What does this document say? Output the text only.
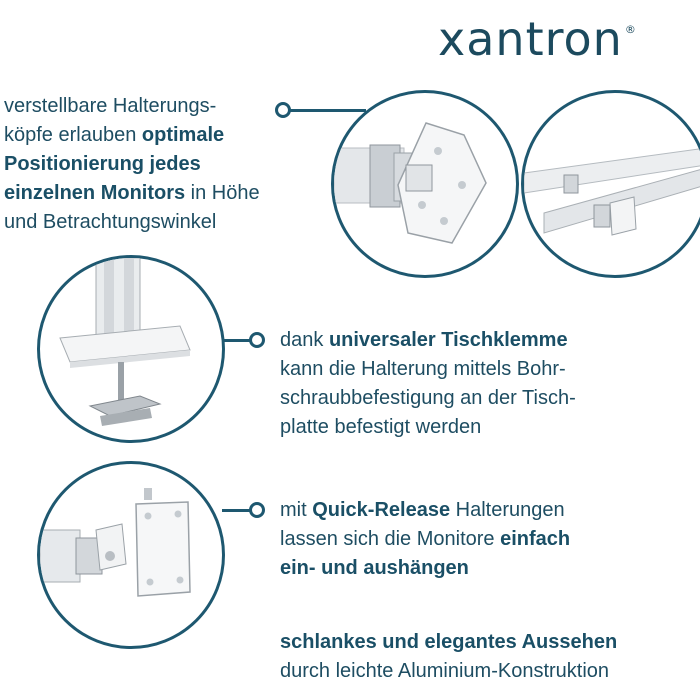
xantron ®
verstellbare Halterungs-
köpfe erlauben optimale
Positionierung jedes
einzelnen Monitors in Höhe
und Betrachtungswinkel
dank universaler Tischklemme
kann die Halterung mittels Bohr-
schraubbefestigung an der Tisch-
platte befestigt werden
mit Quick-Release Halterungen
lassen sich die Monitore einfach
ein- und aushängen
schlankes und elegantes Aussehen
durch leichte Aluminium-Konstruktion
